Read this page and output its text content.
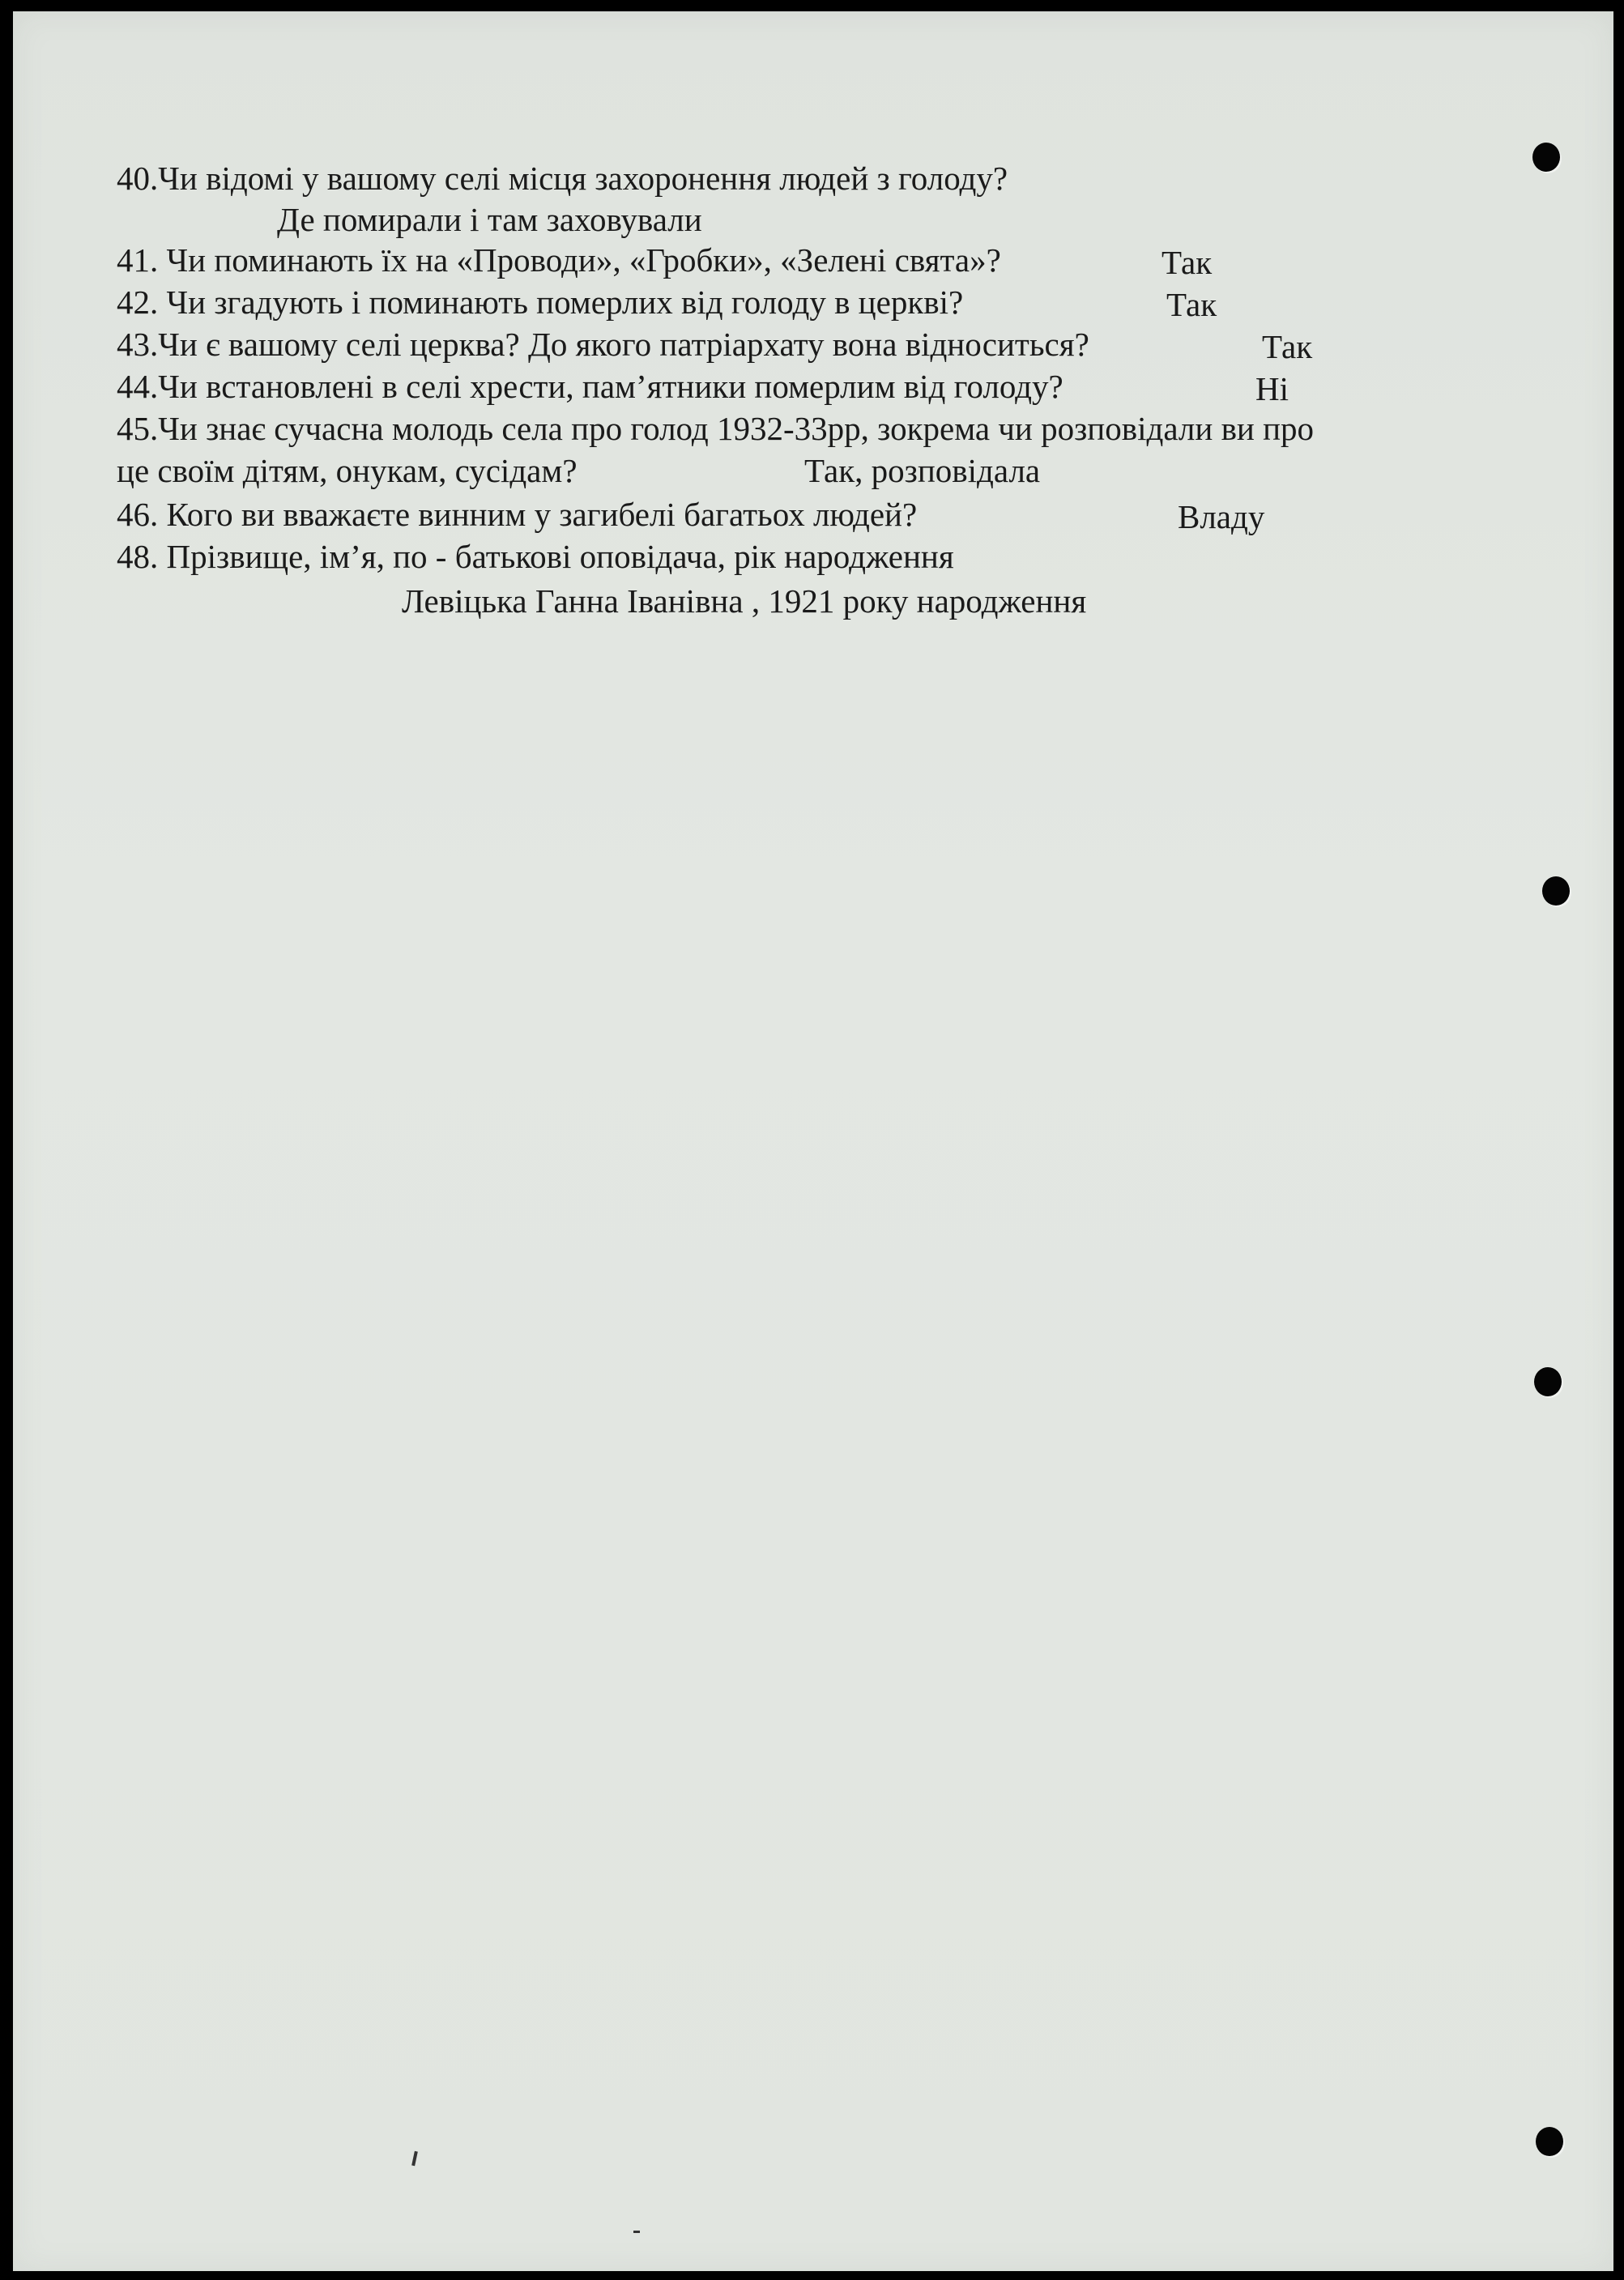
40.Чи відомі у вашому селі місця захоронення людей з голоду?
Де помирали і там заховували
41. Чи поминають їх на «Проводи», «Гробки», «Зелені свята»?	Так
42. Чи згадують і поминають померлих від голоду в церкві?	Так
43.Чи є вашому селі церква? До якого патріархату вона відноситься?	Так
44.Чи встановлені в селі хрести, пам’ятники померлим від голоду?	Ні
45.Чи знає сучасна молодь села про голод 1932-33рр, зокрема чи розповідали ви про
це своїм дітям, онукам, сусідам?	Так, розповідала
46. Кого ви вважаєте винним у загибелі багатьох людей?	Владу
48. Прізвище, ім’я, по - батькові оповідача, рік народження
Левіцька Ганна Іванівна , 1921 року народження
